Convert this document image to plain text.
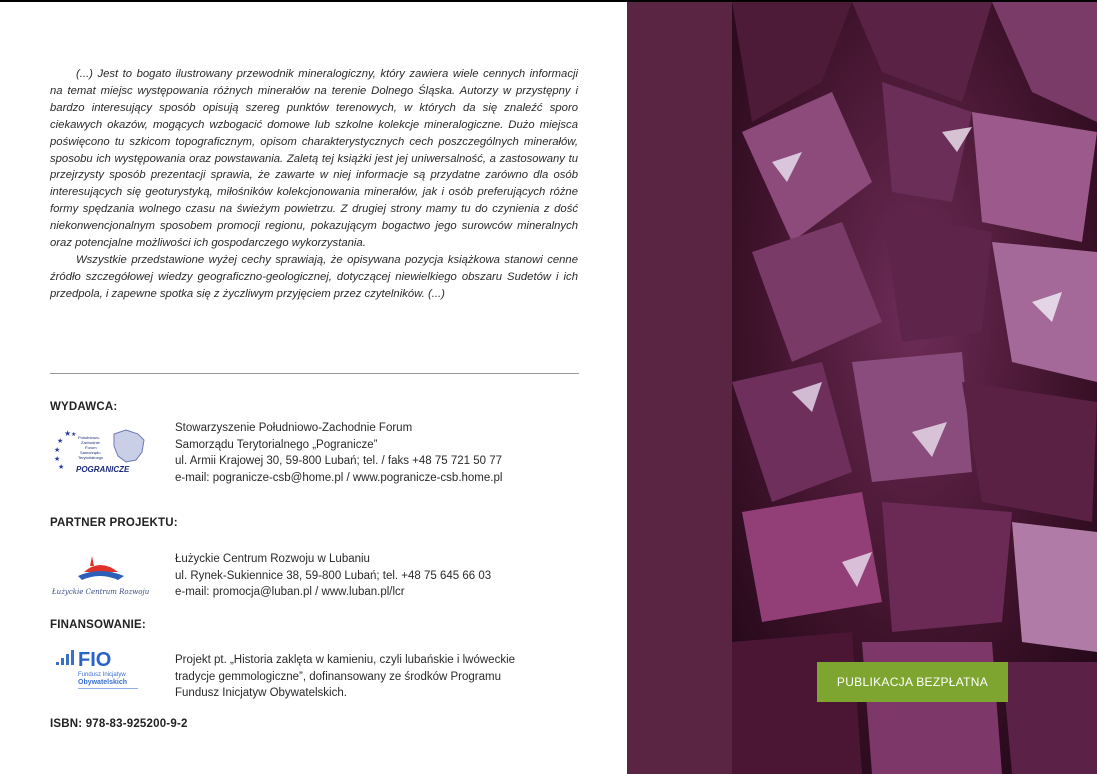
(...) Jest to bogato ilustrowany przewodnik mineralogiczny, który zawiera wiele cennych informacji na temat miejsc występowania różnych minerałów na terenie Dolnego Śląska. Autorzy w przystępny i bardzo interesujący sposób opisują szereg punktów terenowych, w których da się znaleźć sporo ciekawych okazów, mogących wzbogacić domowe lub szkolne kolekcje mineralogiczne. Dużo miejsca poświęcono tu szkicom topograficznym, opisom charakterystycznych cech poszczególnych minerałów, sposobu ich występowania oraz powstawania. Zaletą tej książki jest jej uniwersalność, a zastosowany tu przejrzysty sposób prezentacji sprawia, że zawarte w niej informacje są przydatne zarówno dla osób interesujących się geoturystyką, miłośników kolekcjonowania minerałów, jak i osób preferujących różne formy spędzania wolnego czasu na świeżym powietrzu. Z drugiej strony mamy tu do czynienia z dość niekonwencjonalnym sposobem promocji regionu, pokazującym bogactwo jego surowców mineralnych oraz potencjalne możliwości ich gospodarczego wykorzystania.

Wszystkie przedstawione wyżej cechy sprawiają, że opisywana pozycja książkowa stanowi cenne źródło szczegółowej wiedzy geograficzno-geologicznej, dotyczącej niewielkiego obszaru Sudetów i ich przedpola, i zapewne spotka się z życzliwym przyjęciem przez czytelników. (...)

WYDAWCA:
★
★
★
★
★
★ Południowo-
Zachodnie
Forum
Samorządu
Terytorialnego
POGRANICZE
Stowarzyszenie Południowo-Zachodnie Forum
Samorządu Terytorialnego „Pogranicze”
ul. Armii Krajowej 30, 59-800 Lubań; tel. / faks +48 75 721 50 77
e-mail: pogranicze-csb@home.pl / www.pogranicze-csb.home.pl
PARTNER PROJEKTU:
Łużyckie Centrum Rozwoju
Łużyckie Centrum Rozwoju w Lubaniu
ul. Rynek-Sukiennice 38, 59-800 Lubań; tel. +48 75 645 66 03
e-mail: promocja@luban.pl / www.luban.pl/lcr
FINANSOWANIE:
FIO
Fundusz Inicjatyw
Obywatelskich
Projekt pt. „Historia zaklęta w kamieniu, czyli lubańskie i lwóweckie
tradycje gemmologiczne”, dofinansowany ze środków Programu
Fundusz Inicjatyw Obywatelskich.
ISBN: 978-83-925200-9-2
PUBLIKACJA BEZPŁATNA
